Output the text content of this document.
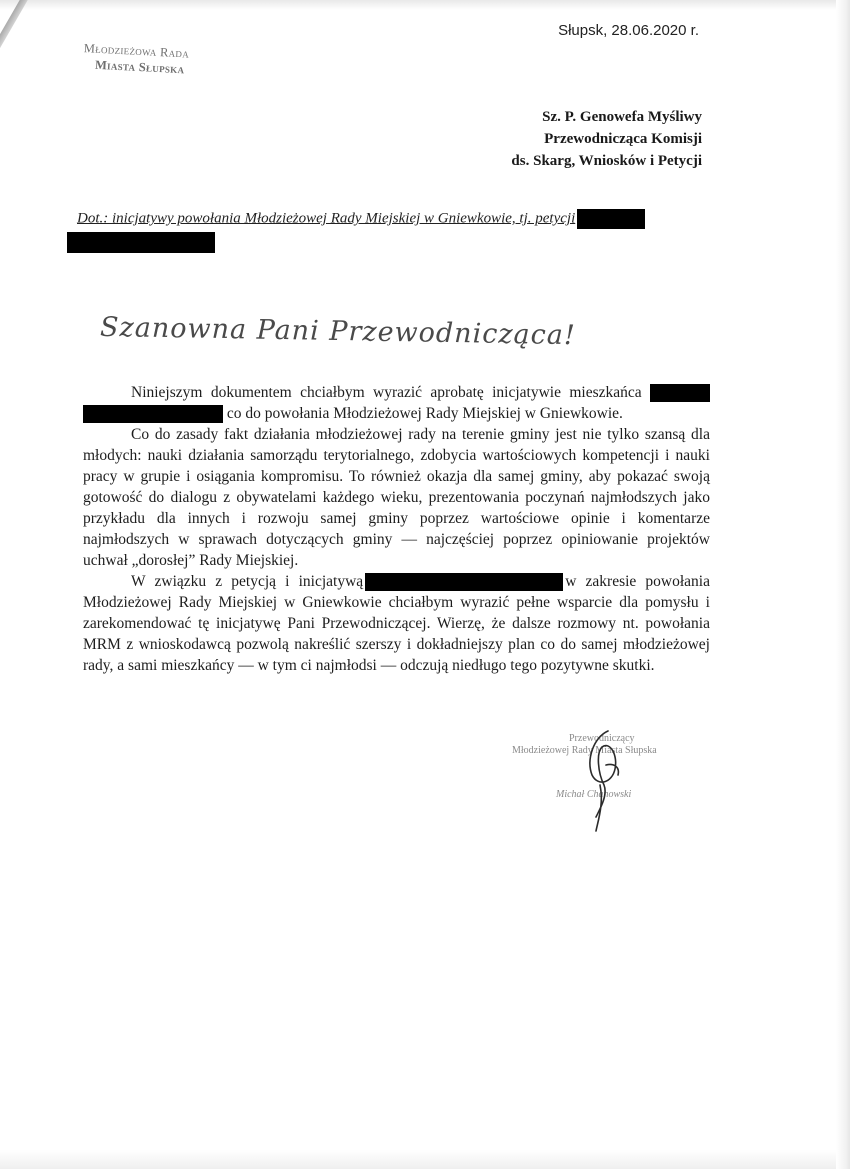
Słupsk, 28.06.2020 r.
Młodzieżowa Rada
Miasta Słupska
Sz. P. Genowefa Myśliwy
Przewodnicząca Komisji
ds. Skarg, Wniosków i Petycji
Dot.: inicjatywy powołania Młodzieżowej Rady Miejskiej w Gniewkowie, tj. petycji
Szanowna Pani Przewodnicząca!

Niniejszym dokumentem chciałbym wyrazić aprobatę inicjatywie mieszkańca   co do powołania Młodzieżowej Rady Miejskiej w Gniewkowie.

Co do zasady fakt działania młodzieżowej rady na terenie gminy jest nie tylko szansą dla młodych: nauki działania samorządu terytorialnego, zdobycia wartościowych kompetencji i nauki pracy w grupie i osiągania kompromisu. To również okazja dla samej gminy, aby pokazać swoją gotowość do dialogu z obywatelami każdego wieku, prezentowania poczynań najmłodszych jako przykładu dla innych i rozwoju samej gminy poprzez wartościowe opinie i komentarze najmłodszych w sprawach dotyczących gminy — najczęściej poprzez opiniowanie projektów uchwał „dorosłej” Rady Miejskiej.

W związku z petycją i inicjatywą	w zakresie powołania Młodzieżowej Rady Miejskiej w Gniewkowie chciałbym wyrazić pełne wsparcie dla pomysłu i zarekomendować tę inicjatywę Pani Przewodniczącej. Wierzę, że dalsze rozmowy nt. powołania MRM z wnioskodawcą pozwolą nakreślić szerszy i dokładniejszy plan co do samej młodzieżowej rady, a sami mieszkańcy — w tym ci najmłodsi — odczują niedługo tego pozytywne skutki.

Przewodniczący
Młodzieżowej Rady Miasta Słupska
Michał Chanowski
